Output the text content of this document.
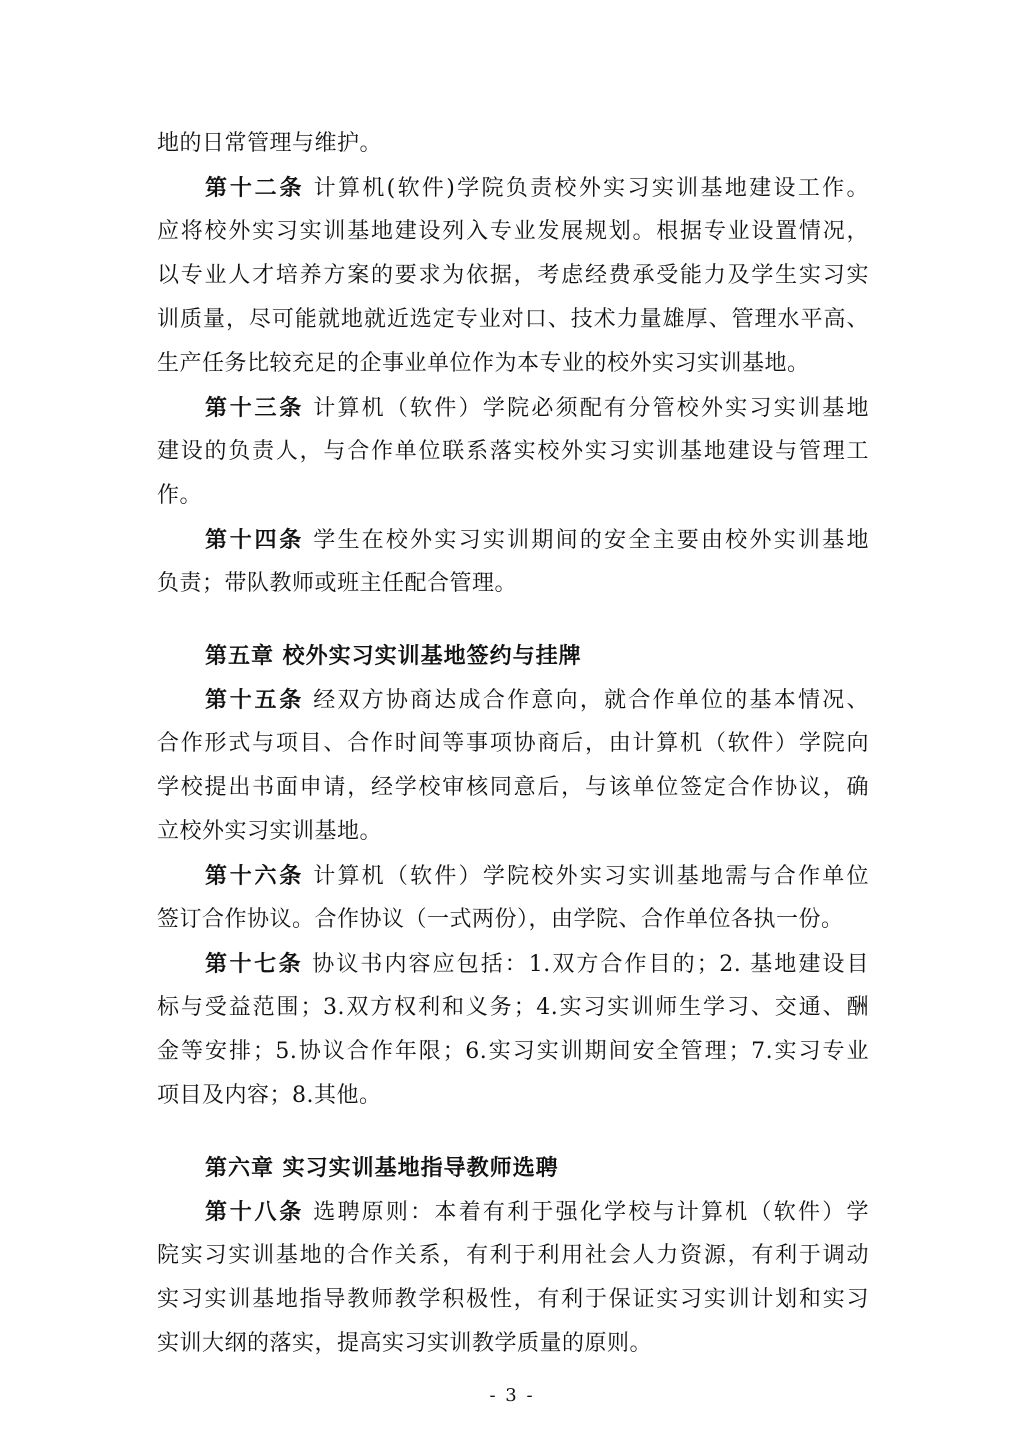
地的日常管理与维护。
第十二条 计算机(软件)学院负责校外实习实训基地建设工作。
应将校外实习实训基地建设列入专业发展规划。根据专业设置情况，
以专业人才培养方案的要求为依据，考虑经费承受能力及学生实习实
训质量，尽可能就地就近选定专业对口、技术力量雄厚、管理水平高、
生产任务比较充足的企事业单位作为本专业的校外实习实训基地。
第十三条 计算机（软件）学院必须配有分管校外实习实训基地
建设的负责人，与合作单位联系落实校外实习实训基地建设与管理工
作。
第十四条 学生在校外实习实训期间的安全主要由校外实训基地
负责；带队教师或班主任配合管理。
第五章 校外实习实训基地签约与挂牌
第十五条 经双方协商达成合作意向，就合作单位的基本情况、
合作形式与项目、合作时间等事项协商后，由计算机（软件）学院向
学校提出书面申请，经学校审核同意后，与该单位签定合作协议，确
立校外实习实训基地。
第十六条 计算机（软件）学院校外实习实训基地需与合作单位
签订合作协议。合作协议（一式两份），由学院、合作单位各执一份。
第十七条 协议书内容应包括：1.双方合作目的；2. 基地建设目
标与受益范围；3.双方权利和义务；4.实习实训师生学习、交通、酬
金等安排；5.协议合作年限；6.实习实训期间安全管理；7.实习专业
项目及内容；8.其他。
第六章 实习实训基地指导教师选聘
第十八条 选聘原则：本着有利于强化学校与计算机（软件）学
院实习实训基地的合作关系，有利于利用社会人力资源，有利于调动
实习实训基地指导教师教学积极性，有利于保证实习实训计划和实习
实训大纲的落实，提高实习实训教学质量的原则。
- 3 -
